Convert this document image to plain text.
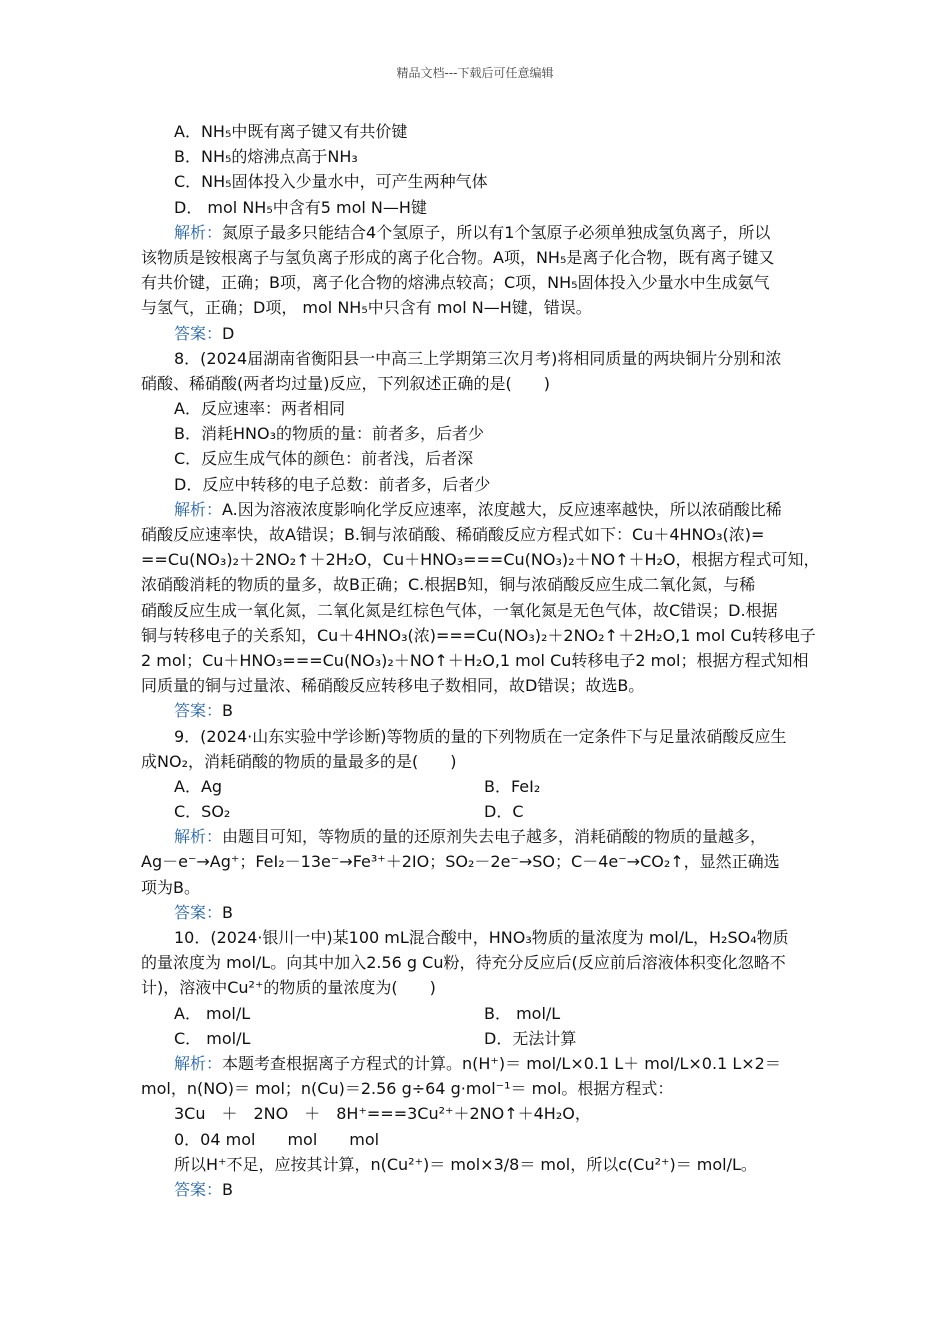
精品文档---下载后可任意编辑
A．NH₅中既有离子键又有共价键
B．NH₅的熔沸点高于NH₃
C．NH₅固体投入少量水中，可产生两种气体
D． mol NH₅中含有5 mol N—H键
解析：氮原子最多只能结合4个氢原子，所以有1个氢原子必须单独成氢负离子，所以
该物质是铵根离子与氢负离子形成的离子化合物。A项，NH₅是离子化合物，既有离子键又
有共价键，正确；B项，离子化合物的熔沸点较高；C项，NH₅固体投入少量水中生成氨气
与氢气，正确；D项， mol NH₅中只含有 mol N—H键，错误。
答案：D
8．(2024届湖南省衡阳县一中高三上学期第三次月考)将相同质量的两块铜片分别和浓
硝酸、稀硝酸(两者均过量)反应，下列叙述正确的是(　　)
A．反应速率：两者相同
B．消耗HNO₃的物质的量：前者多，后者少
C．反应生成气体的颜色：前者浅，后者深
D．反应中转移的电子总数：前者多，后者少
解析：A.因为溶液浓度影响化学反应速率，浓度越大，反应速率越快，所以浓硝酸比稀
硝酸反应速率快，故A错误；B.铜与浓硝酸、稀硝酸反应方程式如下：Cu＋4HNO₃(浓)=
==Cu(NO₃)₂＋2NO₂↑＋2H₂O，Cu＋HNO₃===Cu(NO₃)₂＋NO↑＋H₂O，根据方程式可知，
浓硝酸消耗的物质的量多，故B正确；C.根据B知，铜与浓硝酸反应生成二氧化氮，与稀
硝酸反应生成一氧化氮，二氧化氮是红棕色气体，一氧化氮是无色气体，故C错误；D.根据
铜与转移电子的关系知，Cu＋4HNO₃(浓)===Cu(NO₃)₂＋2NO₂↑＋2H₂O,1 mol Cu转移电子
2 mol；Cu＋HNO₃===Cu(NO₃)₂＋NO↑＋H₂O,1 mol Cu转移电子2 mol；根据方程式知相
同质量的铜与过量浓、稀硝酸反应转移电子数相同，故D错误；故选B。
答案：B
9．(2024·山东实验中学诊断)等物质的量的下列物质在一定条件下与足量浓硝酸反应生
成NO₂，消耗硝酸的物质的量最多的是(　　)
A．Ag	B．FeI₂
C．SO₂	D．C
解析：由题目可知，等物质的量的还原剂失去电子越多，消耗硝酸的物质的量越多，
Ag－e⁻→Ag⁺；FeI₂－13e⁻→Fe³⁺＋2IO；SO₂－2e⁻→SO；C－4e⁻→CO₂↑，显然正确选
项为B。
答案：B
10．(2024·银川一中)某100 mL混合酸中，HNO₃物质的量浓度为 mol/L，H₂SO₄物质
的量浓度为 mol/L。向其中加入2.56 g Cu粉，待充分反应后(反应前后溶液体积变化忽略不
计)，溶液中Cu²⁺的物质的量浓度为(　　)
A． mol/L	B． mol/L
C． mol/L	D．无法计算
解析：本题考查根据离子方程式的计算。n(H⁺)＝ mol/L×0.1 L＋ mol/L×0.1 L×2＝
mol，n(NO)＝ mol；n(Cu)＝2.56 g÷64 g·mol⁻¹＝ mol。根据方程式：
3Cu　＋　2NO　＋　8H⁺===3Cu²⁺＋2NO↑＋4H₂O，
0．04 mol　　mol　　mol
所以H⁺不足，应按其计算，n(Cu²⁺)＝ mol×3/8＝ mol，所以c(Cu²⁺)＝ mol/L。
答案：B
